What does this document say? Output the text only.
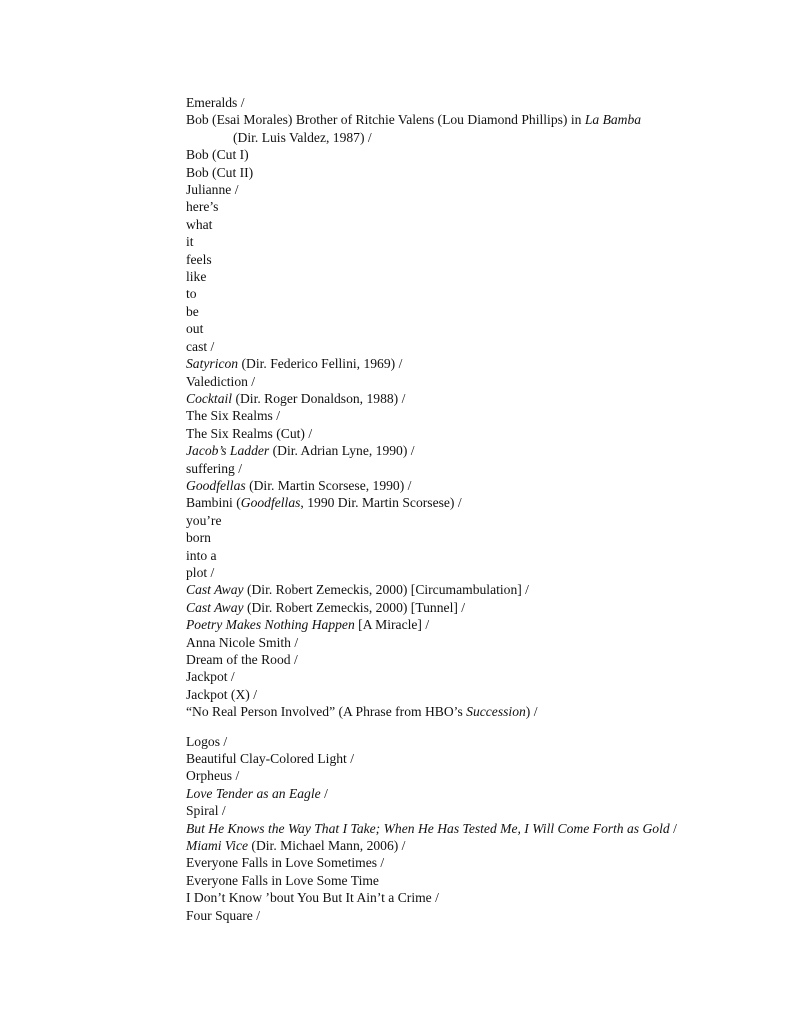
Emeralds /
Bob (Esai Morales) Brother of Ritchie Valens (Lou Diamond Phillips) in La Bamba
(Dir. Luis Valdez, 1987) /
Bob (Cut I)
Bob (Cut II)
Julianne /
here’s
what
it
feels
like
to
be
out
cast /
Satyricon (Dir. Federico Fellini, 1969) /
Valediction /
Cocktail (Dir. Roger Donaldson, 1988) /
The Six Realms /
The Six Realms (Cut) /
Jacob’s Ladder (Dir. Adrian Lyne, 1990) /
suffering /
Goodfellas (Dir. Martin Scorsese, 1990) /
Bambini (Goodfellas, 1990 Dir. Martin Scorsese) /
you’re
born
into a
plot /
Cast Away (Dir. Robert Zemeckis, 2000) [Circumambulation] /
Cast Away (Dir. Robert Zemeckis, 2000) [Tunnel] /
Poetry Makes Nothing Happen [A Miracle] /
Anna Nicole Smith /
Dream of the Rood /
Jackpot /
Jackpot (X) /
“No Real Person Involved” (A Phrase from HBO’s Succession) /
Logos /
Beautiful Clay-Colored Light /
Orpheus /
Love Tender as an Eagle /
Spiral /
But He Knows the Way That I Take; When He Has Tested Me, I Will Come Forth as Gold /
Miami Vice (Dir. Michael Mann, 2006) /
Everyone Falls in Love Sometimes /
Everyone Falls in Love Some Time
I Don’t Know ’bout You But It Ain’t a Crime /
Four Square /
